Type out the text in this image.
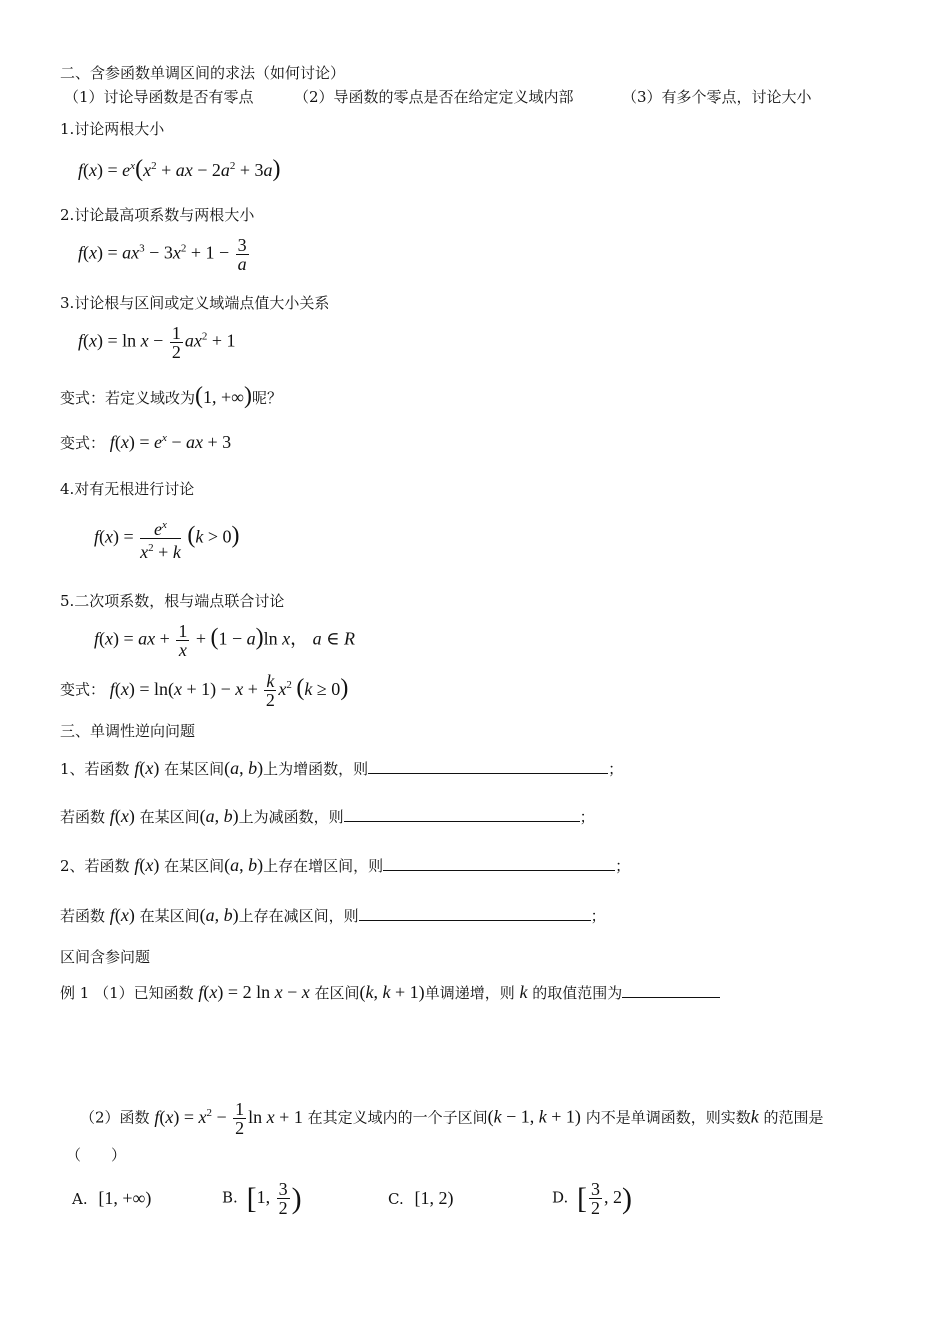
二、含参函数单调区间的求法（如何讨论）
（1）讨论导函数是否有零点	（2）导函数的零点是否在给定定义域内部	（3）有多个零点，讨论大小
1.讨论两根大小
$f(x) = e^x(x^2$ + ax − $2a^2 + 3a$)
2.讨论最高项系数与两根大小
$f(x) = ax^3 - 3x^2 + 1 - \frac{3}{a}$
3.讨论根与区间或定义域端点值大小关系
$f(x) = \ln x - \frac{1}{2} ax^2 + 1$
变式：若定义域改为(1, +∞)呢？
变式： $f(x) = e^x$ − ax + 3
4.对有无根进行讨论
$f(x) = \frac{e^x}{x^2 + k} (k > 0)$
5.二次项系数，根与端点联合讨论
f(x) = ax + $\frac{1}{x} + (1 - a)\ln$ x， a ∈ R
变式： $f(x) = \ln(x + 1) - x + \frac{k}{2} x^2$ (k ≥ 0)
三、单调性逆向问题
1、若函数 f(x) 在某区间(a, b)上为增函数，则	；
若函数 f(x) 在某区间(a, b)上为减函数，则	；
2、若函数 f(x) 在某区间(a, b)上存在增区间，则	；
若函数 f(x) 在某区间(a, b)上存在减区间，则	；
区间含参问题
例 1 （1）已知函数 f(x) = 2 ln x − x 在区间(k, k + 1)单调递增，则 k 的取值范围为
（2）函数 $f(x) = x^2 - \frac{1}{2}$ ln x + 1 在其定义域内的一个子区间(k − 1, k + 1) 内不是单调函数，则实数k 的范围是
（　　）
A. [1, +∞)	B. [1, $\frac{3}{2}$ )	C. [1, 2)	D. [ $\frac{3}{2}$ , 2)
